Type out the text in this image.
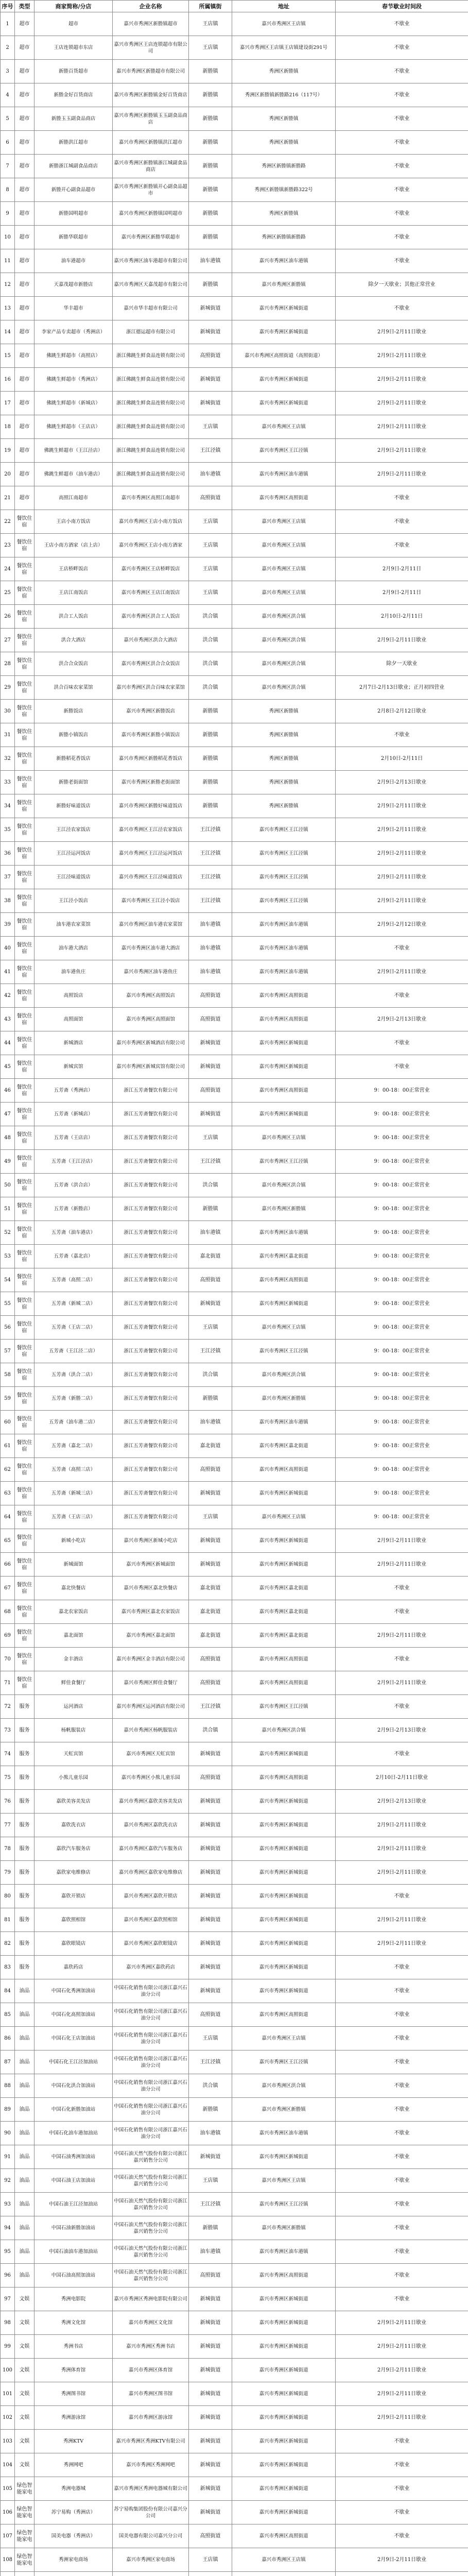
序号	类型	商家简称/分店	企业名称	所属镇街	地址	春节歇业时间段
1	超市	超市	嘉兴市秀洲区新塍镇超市	王店镇	嘉兴市秀洲区王店镇	不歇业
2	超市	王店连锁超市东店	嘉兴市秀洲区王店连锁超市有限公司	王店镇	嘉兴市秀洲区王店镇王店镇建设街291号	不歇业
3	超市	新塍百货超市	嘉兴市秀洲区新塍超市有限公司	新塍镇	秀洲区新塍镇	不歇业
4	超市	新塍金好百货商店	嘉兴市秀洲区新塍镇金好百货商店	新塍镇	秀洲区新塍镇新塍路216（117号）	不歇业
5	超市	新塍玉玉副食品商店	嘉兴市秀洲区新塍镇玉玉副食品商店	新塍镇	秀洲区新塍镇	不歇业
6	超市	新塍洪江超市	嘉兴市秀洲区新塍镇洪江超市	新塍镇	秀洲区新塍镇	不歇业
7	超市	新塍浙江城副食品商店	嘉兴市秀洲区新塍镇浙江城副食品商店	新塍镇	秀洲区新塍镇新塍路	不歇业
8	超市	新塍开心副食品超市	嘉兴市秀洲区新塍镇开心副食品超市	新塍镇	秀洲区新塍镇新塍路322号	不歇业
9	超市	新塍国明超市	嘉兴市秀洲区新塍镇国明超市	新塍镇	秀洲区新塍镇	不歇业
10	超市	新塍华联超市	嘉兴市秀洲区新塍华联超市	新塍镇	秀洲区新塍镇新塍路	不歇业
11	超市	油车港超市	嘉兴市秀洲区油车港超市有限公司	油车港镇	嘉兴市秀洲区油车港镇	不歇业
12	超市	天嘉茂超市新塍店	嘉兴市秀洲区天嘉茂超市有限公司	新塍镇	嘉兴市秀洲区新塍镇	除夕一天歇业；其他正常营业
13	超市	华丰超市	嘉兴市华丰超市有限公司	新城街道	嘉兴市秀洲区新城街道	不歇业
14	超市	李家产品专卖超市（秀洲店）	浙江德运超市有限公司	新城街道	嘉兴市秀洲区新城街道	2月9日-2月11日歇业
15	超市	佛跳生鲜超市（高照店）	浙江佛跳生鲜食品连锁有限公司	高照街道	嘉兴市秀洲区高照街道（高照街道）	2月9日-2月11日歇业
16	超市	佛跳生鲜超市（秀洲店）	浙江佛跳生鲜食品连锁有限公司	新城街道	嘉兴市秀洲区新城街道	2月9日-2月11日歇业
17	超市	佛跳生鲜超市（新城店）	浙江佛跳生鲜食品连锁有限公司	新城街道	嘉兴市秀洲区新城街道	2月9日-2月11日歇业
18	超市	佛跳生鲜超市（王店店）	浙江佛跳生鲜食品连锁有限公司	王店镇	嘉兴市秀洲区王店镇	2月9日-2月11日歇业
19	超市	佛跳生鲜超市（王江泾店）	浙江佛跳生鲜食品连锁有限公司	王江泾镇	嘉兴市秀洲区王江泾镇	2月9日-2月11日歇业
20	超市	佛跳生鲜超市（油车港店）	浙江佛跳生鲜食品连锁有限公司	油车港镇	嘉兴市秀洲区油车港镇	2月9日-2月11日歇业
21	超市	高照江南超市	嘉兴市秀洲区高照江南超市	高照街道	嘉兴市秀洲区高照街道	不歇业
22	餐饮住宿	王店小南方饭店	嘉兴市秀洲区王店小南方饭店	王店镇	嘉兴市秀洲区王店镇	不歇业
23	餐饮住宿	王店小南方酒家（店上店）	嘉兴市秀洲区王店小南方酒家	王店镇	嘉兴市秀洲区王店镇	不歇业
24	餐饮住宿	王店桥畔饭店	嘉兴市秀洲区王店桥畔饭店	王店镇	嘉兴市秀洲区王店镇	2月9日-2月11日
25	餐饮住宿	王店江南饭店	嘉兴市秀洲区王店江南饭店	王店镇	嘉兴市秀洲区王店镇	2月9日-2月11日
26	餐饮住宿	洪合工人饭店	嘉兴市秀洲区洪合工人饭店	洪合镇	嘉兴市秀洲区洪合镇	2月10日-2月11日
27	餐饮住宿	洪合大酒店	嘉兴市秀洲区洪合大酒店	洪合镇	嘉兴市秀洲区洪合镇	2月9日-2月11日歇业
28	餐饮住宿	洪合合众饭店	嘉兴市秀洲区洪合合众饭店	洪合镇	嘉兴市秀洲区洪合镇	除夕一天歇业
29	餐饮住宿	洪合百味农家菜馆	嘉兴市秀洲区洪合百味农家菜馆	洪合镇	嘉兴市秀洲区洪合镇	2月7日-2月13日歇业；正月初四营业
30	餐饮住宿	新塍饭店	嘉兴市秀洲区新塍饭店	新塍镇	秀洲区新塍镇	2月8日-2月12日歇业
31	餐饮住宿	新塍小镇饭店	嘉兴市秀洲区新塍小镇饭店	新塍镇	秀洲区新塍镇	不歇业
32	餐饮住宿	新塍稻花香饭店	嘉兴市秀洲区新塍稻花香饭店	新塍镇	秀洲区新塍镇	2月10日-2月11日
33	餐饮住宿	新塍老街面馆	嘉兴市秀洲区新塍老街面馆	新塍镇	秀洲区新塍镇	2月9日-2月13日歇业
34	餐饮住宿	新塍好味道饭店	嘉兴市秀洲区新塍好味道饭店	新塍镇	秀洲区新塍镇	2月9日-2月11日歇业
35	餐饮住宿	王江泾农家饭店	嘉兴市秀洲区王江泾农家饭店	王江泾镇	嘉兴市秀洲区王江泾镇	2月9日-2月11日歇业
36	餐饮住宿	王江泾运河饭店	嘉兴市秀洲区王江泾运河饭店	王江泾镇	嘉兴市秀洲区王江泾镇	2月9日-2月11日歇业
37	餐饮住宿	王江泾味道饭店	嘉兴市秀洲区王江泾味道饭店	王江泾镇	嘉兴市秀洲区王江泾镇	2月9日-2月11日歇业
38	餐饮住宿	王江泾小饭店	嘉兴市秀洲区王江泾小饭店	王江泾镇	嘉兴市秀洲区王江泾镇	2月9日-2月11日歇业
39	餐饮住宿	油车港农家菜馆	嘉兴市秀洲区油车港农家菜馆	油车港镇	嘉兴市秀洲区油车港镇	2月9日-2月12日歇业
40	餐饮住宿	油车港大酒店	嘉兴市秀洲区油车港大酒店	油车港镇	嘉兴市秀洲区油车港镇	不歇业
41	餐饮住宿	油车港鱼庄	嘉兴市秀洲区油车港鱼庄	油车港镇	嘉兴市秀洲区油车港镇	2月9日-2月11日歇业
42	餐饮住宿	高照饭店	嘉兴市秀洲区高照饭店	高照街道	嘉兴市秀洲区高照街道	不歇业
43	餐饮住宿	高照面馆	嘉兴市秀洲区高照面馆	高照街道	嘉兴市秀洲区高照街道	2月9日-2月13日歇业
44	餐饮住宿	新城酒店	嘉兴市秀洲区新城酒店有限公司	新城街道	嘉兴市秀洲区新城街道	不歇业
45	餐饮住宿	新城宾馆	嘉兴市秀洲区新城宾馆有限公司	新城街道	嘉兴市秀洲区新城街道	不歇业
46	餐饮住宿	五芳斋（秀洲店）	浙江五芳斋餐饮有限公司	高照街道	嘉兴市秀洲区高照街道	9：00-18：00正常营业
47	餐饮住宿	五芳斋（新城店）	浙江五芳斋餐饮有限公司	新城街道	嘉兴市秀洲区新城街道	9：00-18：00正常营业
48	餐饮住宿	五芳斋（王店店）	浙江五芳斋餐饮有限公司	王店镇	嘉兴市秀洲区王店镇	9：00-18：00正常营业
49	餐饮住宿	五芳斋（王江泾店）	浙江五芳斋餐饮有限公司	王江泾镇	嘉兴市秀洲区王江泾镇	9：00-18：00正常营业
50	餐饮住宿	五芳斋（洪合店）	浙江五芳斋餐饮有限公司	洪合镇	嘉兴市秀洲区洪合镇	9：00-18：00正常营业
51	餐饮住宿	五芳斋（新塍店）	浙江五芳斋餐饮有限公司	新塍镇	嘉兴市秀洲区新塍镇	9：00-18：00正常营业
52	餐饮住宿	五芳斋（油车港店）	浙江五芳斋餐饮有限公司	油车港镇	嘉兴市秀洲区油车港镇	9：00-18：00正常营业
53	餐饮住宿	五芳斋（嘉北店）	浙江五芳斋餐饮有限公司	嘉北街道	嘉兴市秀洲区嘉北街道	9：00-18：00正常营业
54	餐饮住宿	五芳斋（高照二店）	浙江五芳斋餐饮有限公司	高照街道	嘉兴市秀洲区高照街道	9：00-18：00正常营业
55	餐饮住宿	五芳斋（新城二店）	浙江五芳斋餐饮有限公司	新城街道	嘉兴市秀洲区新城街道	9：00-18：00正常营业
56	餐饮住宿	五芳斋（王店二店）	浙江五芳斋餐饮有限公司	王店镇	嘉兴市秀洲区王店镇	9：00-18：00正常营业
57	餐饮住宿	五芳斋（王江泾二店）	浙江五芳斋餐饮有限公司	王江泾镇	嘉兴市秀洲区王江泾镇	9：00-18：00正常营业
58	餐饮住宿	五芳斋（洪合二店）	浙江五芳斋餐饮有限公司	洪合镇	嘉兴市秀洲区洪合镇	9：00-18：00正常营业
59	餐饮住宿	五芳斋（新塍二店）	浙江五芳斋餐饮有限公司	新塍镇	嘉兴市秀洲区新塍镇	9：00-18：00正常营业
60	餐饮住宿	五芳斋（油车港二店）	浙江五芳斋餐饮有限公司	油车港镇	嘉兴市秀洲区油车港镇	9：00-18：00正常营业
61	餐饮住宿	五芳斋（嘉北二店）	浙江五芳斋餐饮有限公司	嘉北街道	嘉兴市秀洲区嘉北街道	9：00-18：00正常营业
62	餐饮住宿	五芳斋（高照三店）	浙江五芳斋餐饮有限公司	高照街道	嘉兴市秀洲区高照街道	9：00-18：00正常营业
63	餐饮住宿	五芳斋（新城三店）	浙江五芳斋餐饮有限公司	新城街道	嘉兴市秀洲区新城街道	9：00-18：00正常营业
64	餐饮住宿	五芳斋（王店三店）	浙江五芳斋餐饮有限公司	王店镇	嘉兴市秀洲区王店镇	9：00-18：00正常营业
65	餐饮住宿	新城小吃店	嘉兴市秀洲区新城小吃店	新城街道	嘉兴市秀洲区新城街道	2月9日-2月11日歇业
66	餐饮住宿	新城面馆	嘉兴市秀洲区新城面馆	新城街道	嘉兴市秀洲区新城街道	2月9日-2月11日歇业
67	餐饮住宿	嘉北快餐店	嘉兴市秀洲区嘉北快餐店	嘉北街道	嘉兴市秀洲区嘉北街道	不歇业
68	餐饮住宿	嘉北农家饭店	嘉兴市秀洲区嘉北农家饭店	嘉北街道	嘉兴市秀洲区嘉北街道	不歇业
69	餐饮住宿	嘉北面馆	嘉兴市秀洲区嘉北面馆	嘉北街道	嘉兴市秀洲区嘉北街道	2月9日-2月11日歇业
70	餐饮住宿	金丰酒店	嘉兴市秀洲区金丰酒店有限公司	高照街道	嘉兴市秀洲区高照街道	不歇业
71	餐饮住宿	鲜佳食餐厅	嘉兴市秀洲区鲜佳食餐厅	高照街道	嘉兴市秀洲区高照街道	2月9日-2月11日歇业
72	服务	运河酒店	嘉兴市秀洲区运河酒店有限公司	王江泾镇	嘉兴市秀洲区王江泾镇	不歇业
73	服务	杨帆服装店	嘉兴市秀洲区杨帆服装店	洪合镇	嘉兴市秀洲区洪合镇	2月9日-2月13日歇业
74	服务	天虹宾馆	嘉兴市秀洲区天虹宾馆	新城街道	嘉兴市秀洲区新城街道	不歇业
75	服务	小熊儿童乐园	嘉兴市秀洲区小熊儿童乐园	高照街道	嘉兴市秀洲区高照街道	2月10日-2月11日歇业
76	服务	嘉欣美容美发店	嘉兴市秀洲区嘉欣美容美发店	新城街道	嘉兴市秀洲区新城街道	2月9日-2月13日歇业
77	服务	嘉欣洗衣店	嘉兴市秀洲区嘉欣洗衣店	新城街道	嘉兴市秀洲区新城街道	2月9日-2月11日歇业
78	服务	嘉欣汽车服务店	嘉兴市秀洲区嘉欣汽车服务店	新城街道	嘉兴市秀洲区新城街道	2月9日-2月11日歇业
79	服务	嘉欣家电维修店	嘉兴市秀洲区嘉欣家电维修店	新城街道	嘉兴市秀洲区新城街道	2月9日-2月11日歇业
80	服务	嘉欣开锁店	嘉兴市秀洲区嘉欣开锁店	新城街道	嘉兴市秀洲区新城街道	不歇业
81	服务	嘉欣照相馆	嘉兴市秀洲区嘉欣照相馆	新城街道	嘉兴市秀洲区新城街道	2月9日-2月11日歇业
82	服务	嘉欣眼镜店	嘉兴市秀洲区嘉欣眼镜店	新城街道	嘉兴市秀洲区新城街道	2月9日-2月11日歇业
83	服务	嘉欣药店	嘉兴市秀洲区嘉欣药店	新城街道	嘉兴市秀洲区新城街道	不歇业
84	油品	中国石化秀洲加油站	中国石化销售有限公司浙江嘉兴石油分公司	新城街道	嘉兴市秀洲区新城街道	不歇业
85	油品	中国石化高照加油站	中国石化销售有限公司浙江嘉兴石油分公司	高照街道	嘉兴市秀洲区高照街道	不歇业
86	油品	中国石化王店加油站	中国石化销售有限公司浙江嘉兴石油分公司	王店镇	嘉兴市秀洲区王店镇	不歇业
87	油品	中国石化王江泾加油站	中国石化销售有限公司浙江嘉兴石油分公司	王江泾镇	嘉兴市秀洲区王江泾镇	不歇业
88	油品	中国石化洪合加油站	中国石化销售有限公司浙江嘉兴石油分公司	洪合镇	嘉兴市秀洲区洪合镇	不歇业
89	油品	中国石化新塍加油站	中国石化销售有限公司浙江嘉兴石油分公司	新塍镇	嘉兴市秀洲区新塍镇	不歇业
90	油品	中国石化油车港加油站	中国石化销售有限公司浙江嘉兴石油分公司	油车港镇	嘉兴市秀洲区油车港镇	不歇业
91	油品	中国石油秀洲加油站	中国石油天然气股份有限公司浙江嘉兴销售分公司	新城街道	嘉兴市秀洲区新城街道	不歇业
92	油品	中国石油王店加油站	中国石油天然气股份有限公司浙江嘉兴销售分公司	王店镇	嘉兴市秀洲区王店镇	不歇业
93	油品	中国石油王江泾加油站	中国石油天然气股份有限公司浙江嘉兴销售分公司	王江泾镇	嘉兴市秀洲区王江泾镇	不歇业
94	油品	中国石油新塍加油站	中国石油天然气股份有限公司浙江嘉兴销售分公司	新塍镇	嘉兴市秀洲区新塍镇	不歇业
95	油品	中国石油油车港加油站	中国石油天然气股份有限公司浙江嘉兴销售分公司	油车港镇	嘉兴市秀洲区油车港镇	不歇业
96	油品	中国石油高照加油站	中国石油天然气股份有限公司浙江嘉兴销售分公司	高照街道	嘉兴市秀洲区高照街道	不歇业
97	文娱	秀洲电影院	嘉兴市秀洲区秀洲电影院有限公司	新城街道	嘉兴市秀洲区新城街道	不歇业
98	文娱	秀洲文化馆	嘉兴市秀洲区文化馆	新城街道	嘉兴市秀洲区新城街道	2月9日-2月11日歇业
99	文娱	秀洲书店	嘉兴市秀洲区秀洲书店	新城街道	嘉兴市秀洲区新城街道	2月9日-2月11日歇业
100	文娱	秀洲体育馆	嘉兴市秀洲区体育馆	新城街道	嘉兴市秀洲区新城街道	2月9日-2月11日歇业
101	文娱	秀洲图书馆	嘉兴市秀洲区图书馆	新城街道	嘉兴市秀洲区新城街道	2月9日-2月11日歇业
102	文娱	秀洲游泳馆	嘉兴市秀洲区游泳馆	新城街道	嘉兴市秀洲区新城街道	2月9日-2月11日歇业
103	文娱	秀洲KTV	嘉兴市秀洲区秀洲KTV有限公司	新城街道	嘉兴市秀洲区新城街道	不歇业
104	文娱	秀洲网吧	嘉兴市秀洲区秀洲网吧	新城街道	嘉兴市秀洲区新城街道	不歇业
105	绿色智能家电	秀洲电器城	嘉兴市秀洲区秀洲电器城有限公司	新城街道	嘉兴市秀洲区新城街道	不歇业
106	绿色智能家电	苏宁易购（秀洲店）	苏宁易购集团股份有限公司嘉兴分公司	新城街道	嘉兴市秀洲区新城街道	不歇业
107	绿色智能家电	国美电器（秀洲店）	国美电器有限公司嘉兴分公司	高照街道	嘉兴市秀洲区高照街道	不歇业
108	绿色智能家电	秀洲家电商场	嘉兴市秀洲区家电商场	王店镇	嘉兴市秀洲区王店镇	2月9日-2月11日歇业
